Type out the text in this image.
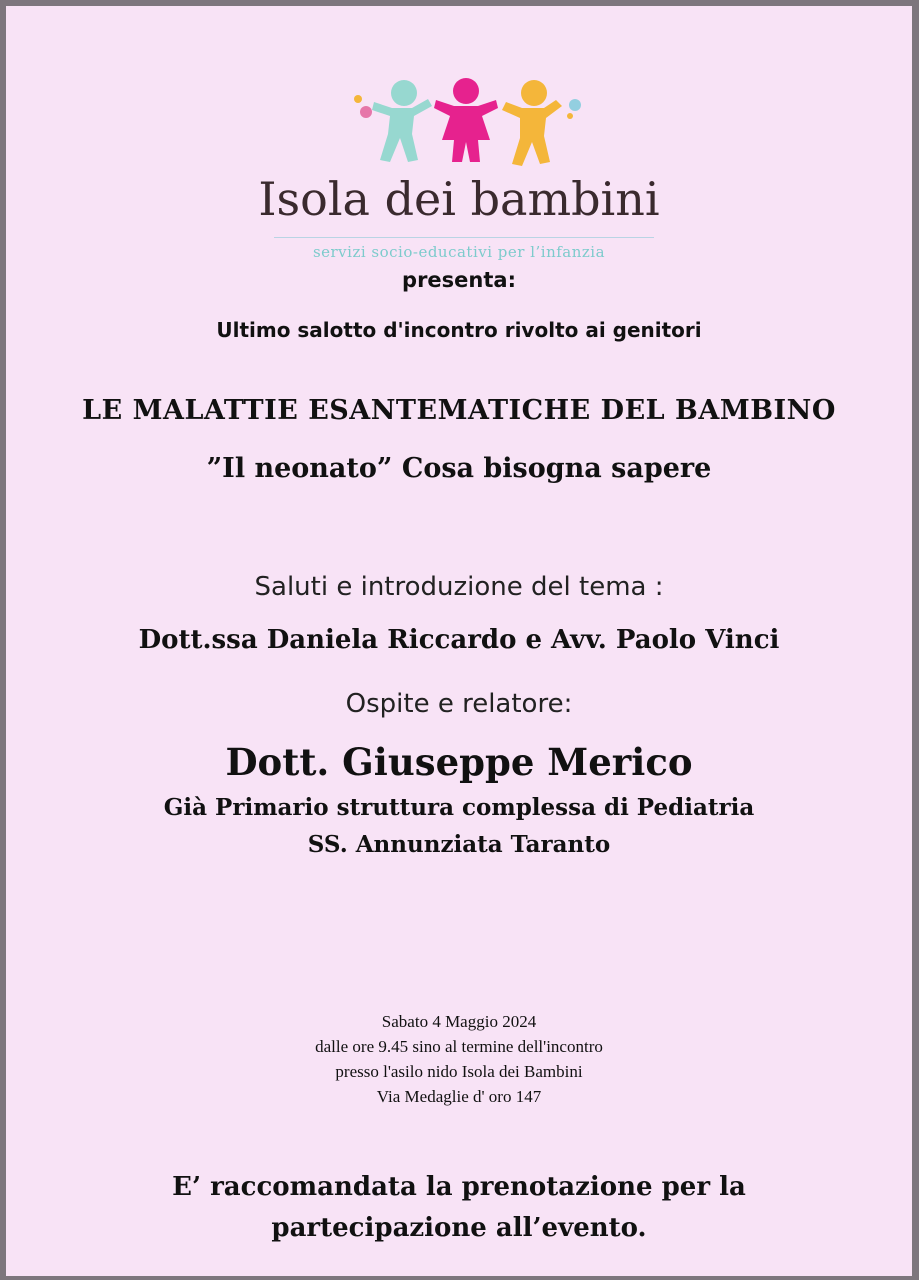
Isola dei bambini
servizi socio-educativi per l’infanzia
presenta:
Ultimo salotto d'incontro rivolto ai genitori
LE MALATTIE ESANTEMATICHE DEL BAMBINO
”Il neonato” Cosa bisogna sapere
Saluti e introduzione del tema :
Dott.ssa Daniela Riccardo e Avv. Paolo Vinci
Ospite e relatore:
Dott. Giuseppe Merico
Già Primario struttura complessa di Pediatria
SS. Annunziata Taranto
Sabato 4 Maggio 2024
dalle ore 9.45 sino al termine dell'incontro
presso l'asilo nido Isola dei Bambini
Via Medaglie d' oro 147
E’ raccomandata la prenotazione per la
partecipazione all’evento.
